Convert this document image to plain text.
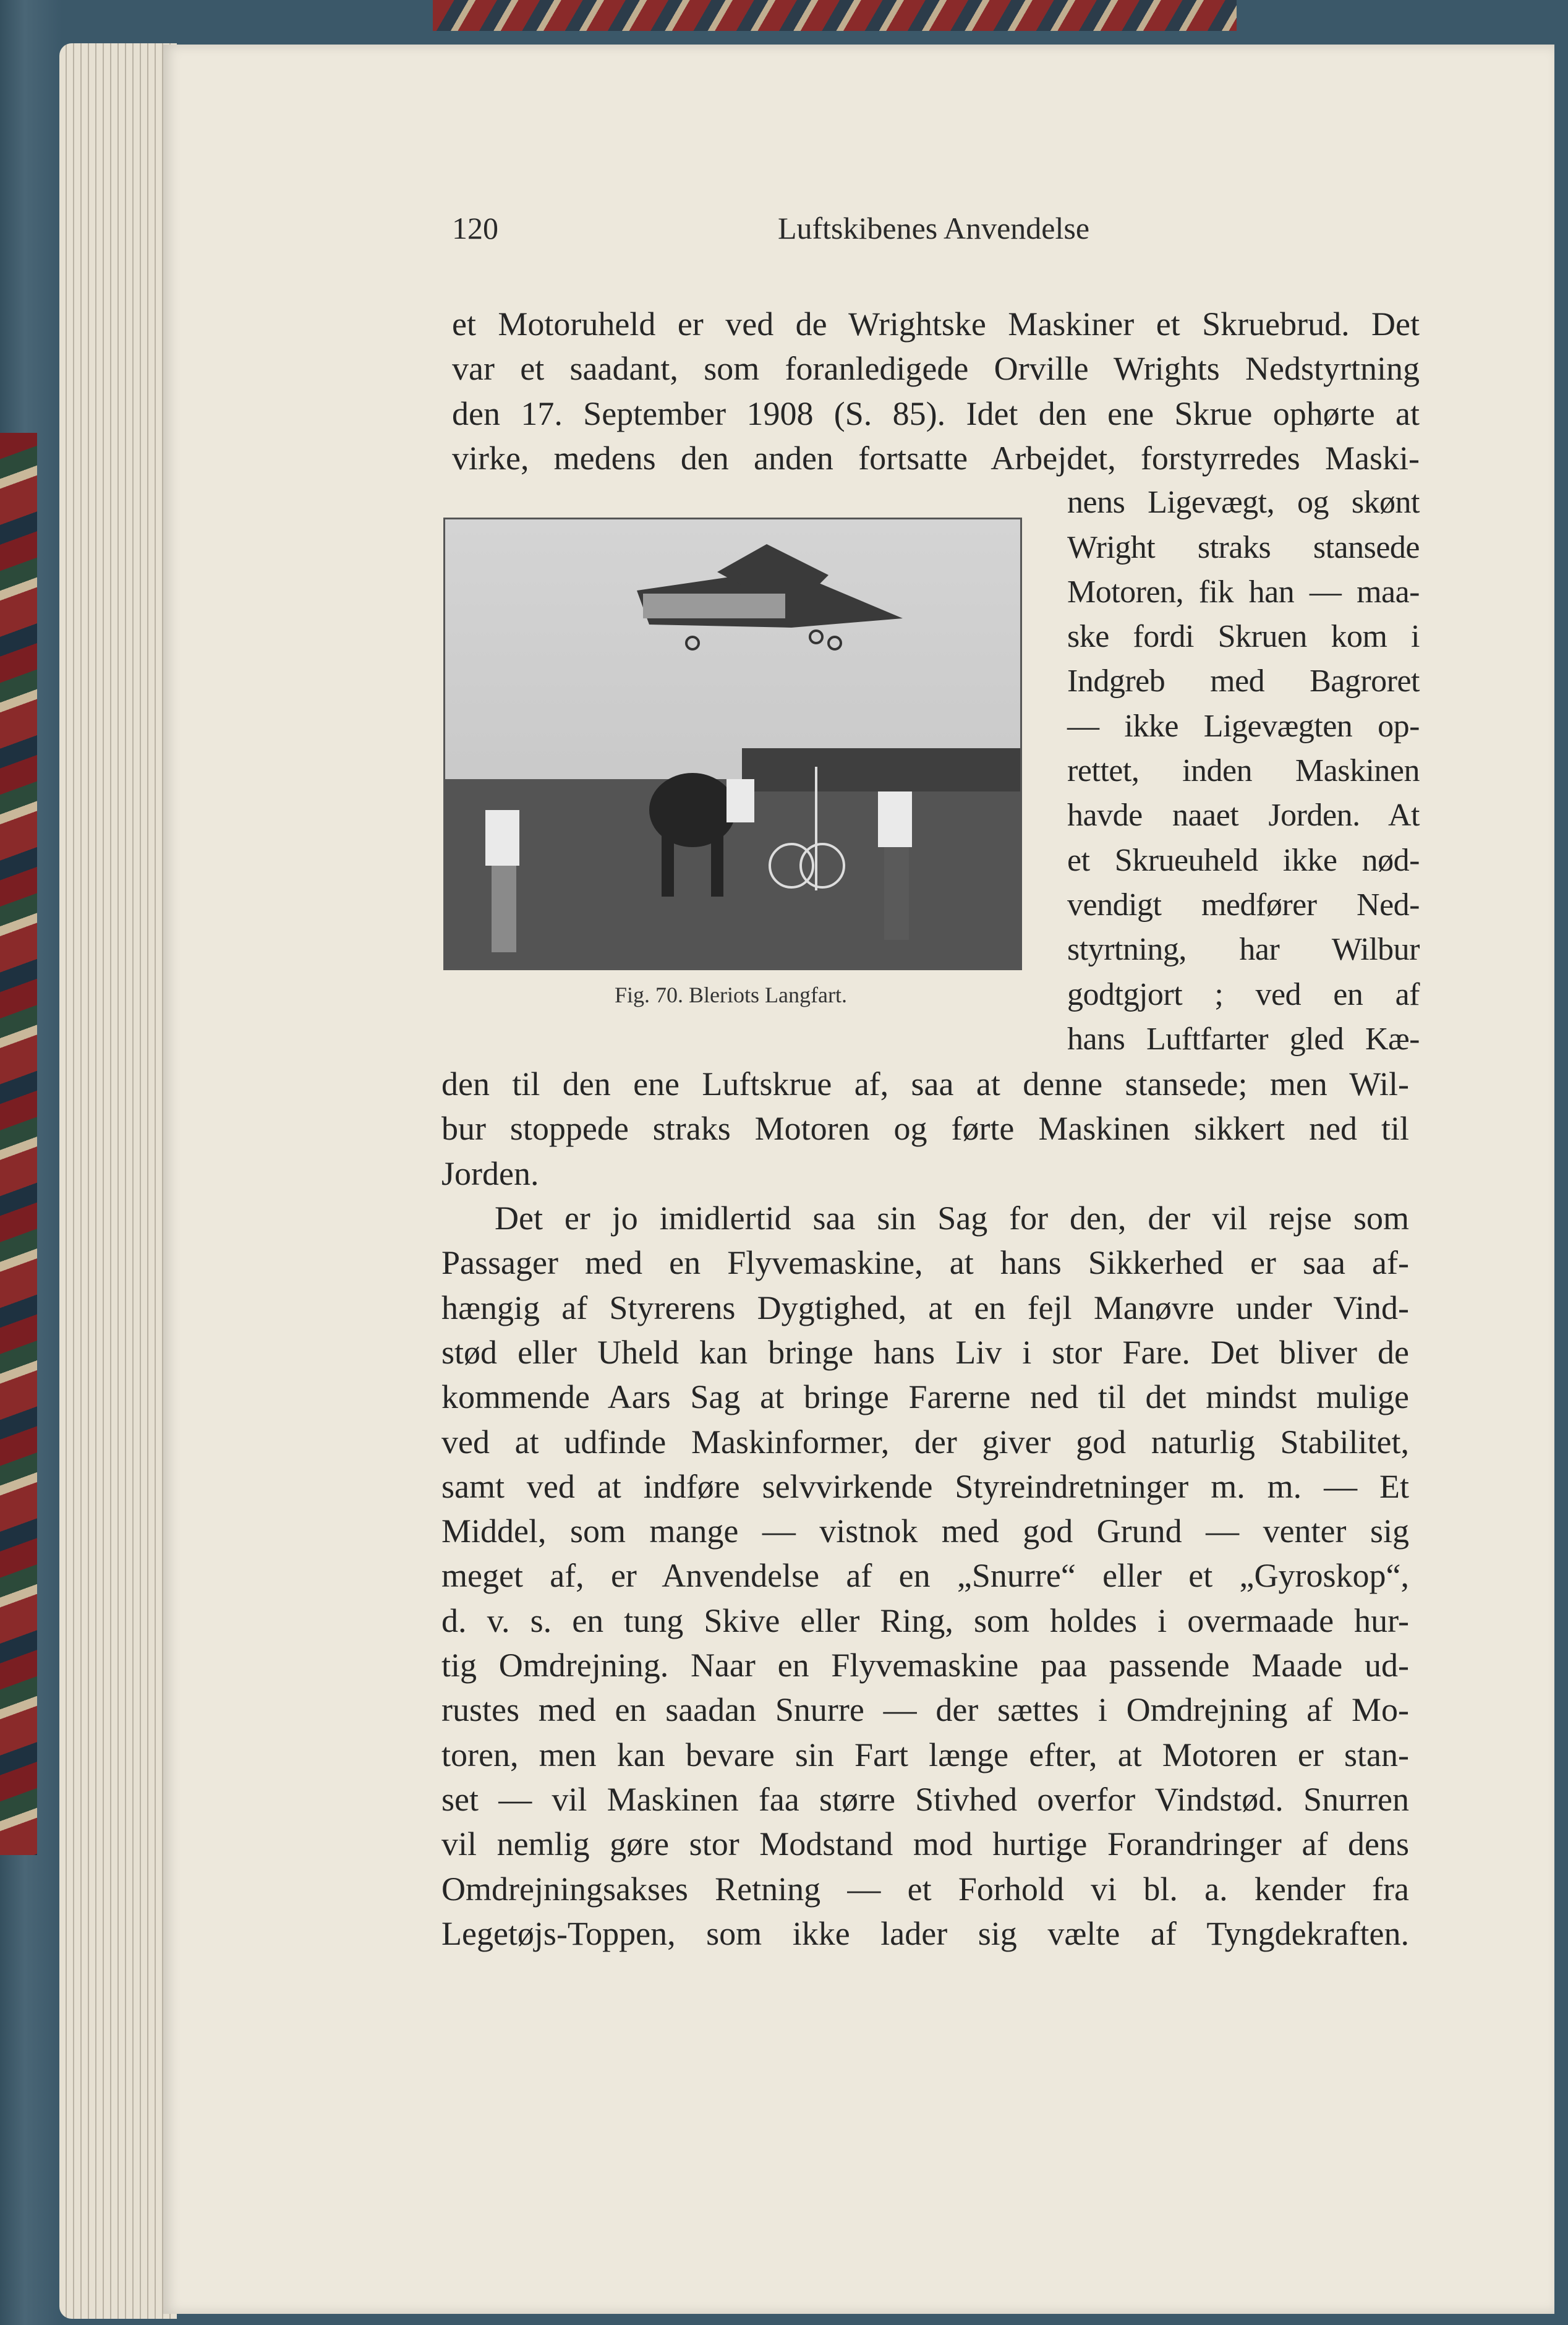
120	Luftskibenes Anvendelse
Fig. 70. Bleriots Langfart.
et Motoruheld er ved de Wrightske Maskiner et Skruebrud. Det
var et saadant, som foranledigede Orville Wrights Nedstyrtning
den 17. September 1908 (S. 85). Idet den ene Skrue ophørte at
virke, medens den anden fortsatte Arbejdet, forstyrredes Maski-
nens Ligevægt, og skønt
Wright straks stansede
Motoren, fik han — maa-
ske fordi Skruen kom i
Indgreb med Bagroret
— ikke Ligevægten op-
rettet, inden Maskinen
havde naaet Jorden. At
et Skrueuheld ikke nød-
vendigt medfører Ned-
styrtning, har Wilbur
godtgjort ; ved en af
hans Luftfarter gled Kæ-
den til den ene Luftskrue af, saa at denne stansede; men Wil-
bur stoppede straks Motoren og førte Maskinen sikkert ned til
Jorden.
Det er jo imidlertid saa sin Sag for den, der vil rejse som
Passager med en Flyvemaskine, at hans Sikkerhed er saa af-
hængig af Styrerens Dygtighed, at en fejl Manøvre under Vind-
stød eller Uheld kan bringe hans Liv i stor Fare. Det bliver de
kommende Aars Sag at bringe Farerne ned til det mindst mulige
ved at udfinde Maskinformer, der giver god naturlig Stabilitet,
samt ved at indføre selvvirkende Styreindretninger m. m. — Et
Middel, som mange — vistnok med god Grund — venter sig
meget af, er Anvendelse af en „Snurre“ eller et „Gyroskop“,
d. v. s. en tung Skive eller Ring, som holdes i overmaade hur-
tig Omdrejning. Naar en Flyvemaskine paa passende Maade ud-
rustes med en saadan Snurre — der sættes i Omdrejning af Mo-
toren, men kan bevare sin Fart længe efter, at Motoren er stan-
set — vil Maskinen faa større Stivhed overfor Vindstød. Snurren
vil nemlig gøre stor Modstand mod hurtige Forandringer af dens
Omdrejningsakses Retning — et Forhold vi bl. a. kender fra
Legetøjs-Toppen, som ikke lader sig vælte af Tyngdekraften.
